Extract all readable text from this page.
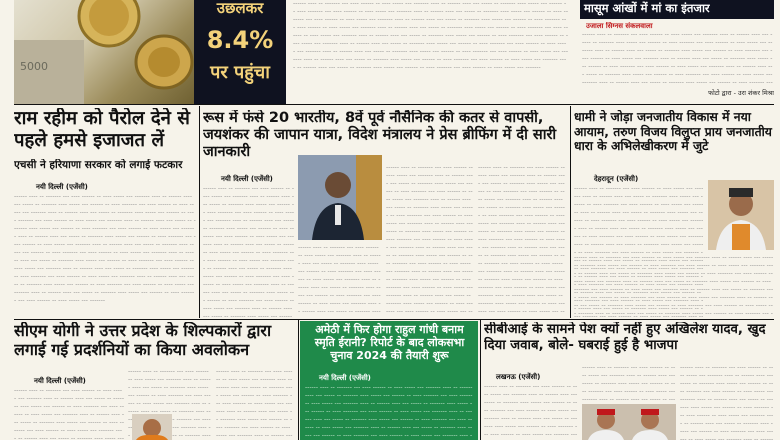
5000
उछलकर
8.4%
पर पहुंचा
-----
मासूम आंखों में मां का इंतजार
उजाला सिग्नस संकलवाला
-----
फोटो द्वारा - उरा शंकर मिश्रा
राम रहीम को पैरोल देने से पहले हमसे इजाजत लें
एचसी ने हरियाणा सरकार को लगाई फटकार
नयी दिल्ली (एजेंसी)
-----
रूस में फंसे 20 भारतीय, 8वें पूर्व नौसैनिक की कतर से वापसी, जयशंकर की जापान यात्रा, विदेश मंत्रालय ने प्रेस ब्रीफिंग में दी सारी जानकारी
नयी दिल्ली (एजेंसी)
-----
-----
-----
-----
धामी ने जोड़ा जनजातीय विकास में नया आयाम, तरुण विजय विलुप्त प्राय जनजातीय धारा के अभिलेखीकरण में जुटे
देहरादून (एजेंसी)
-----
-----
सीएम योगी ने उत्तर प्रदेश के शिल्पकारों द्वारा लगाई गई प्रदर्शनियों का किया अवलोकन
नयी दिल्ली (एजेंसी)
-----
-----
-----
अमेठी में फिर होगा राहुल गांधी बनाम स्मृति ईरानी? रिपोर्ट के बाद लोकसभा चुनाव 2024 की तैयारी शुरू
नयी दिल्ली (एजेंसी)
-----
सीबीआई के सामने पेश क्यों नहीं हुए अखिलेश यादव, खुद दिया जवाब, बोले- घबराई हुई है भाजपा
लखनऊ (एजेंसी)
-----
-----
-----
